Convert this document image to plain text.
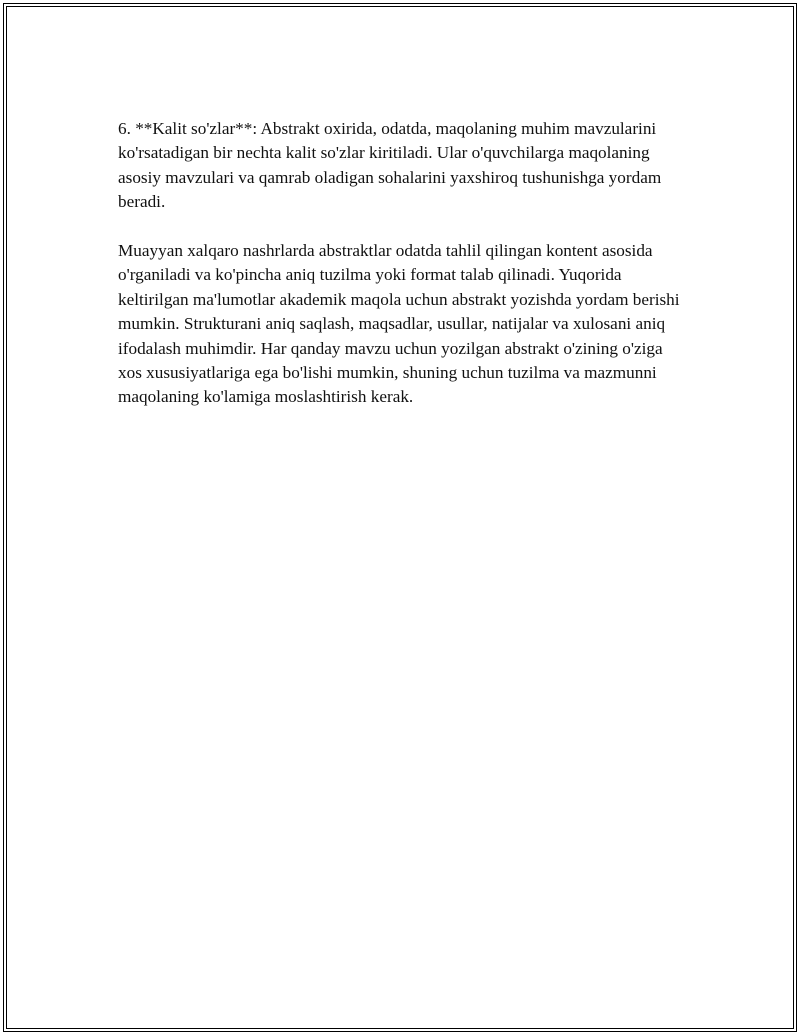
6. **Kalit so'zlar**: Abstrakt oxirida, odatda, maqolaning muhim mavzularini ko'rsatadigan bir nechta kalit so'zlar kiritiladi. Ular o'quvchilarga maqolaning asosiy mavzulari va qamrab oladigan sohalarini yaxshiroq tushunishga yordam beradi.

Muayyan xalqaro nashrlarda abstraktlar odatda tahlil qilingan kontent asosida o'rganiladi va ko'pincha aniq tuzilma yoki format talab qilinadi. Yuqorida keltirilgan ma'lumotlar akademik maqola uchun abstrakt yozishda yordam berishi mumkin. Strukturani aniq saqlash, maqsadlar, usullar, natijalar va xulosani aniq ifodalash muhimdir. Har qanday mavzu uchun yozilgan abstrakt o'zining o'ziga xos xususiyatlariga ega bo'lishi mumkin, shuning uchun tuzilma va mazmunni maqolaning ko'lamiga moslashtirish kerak.
